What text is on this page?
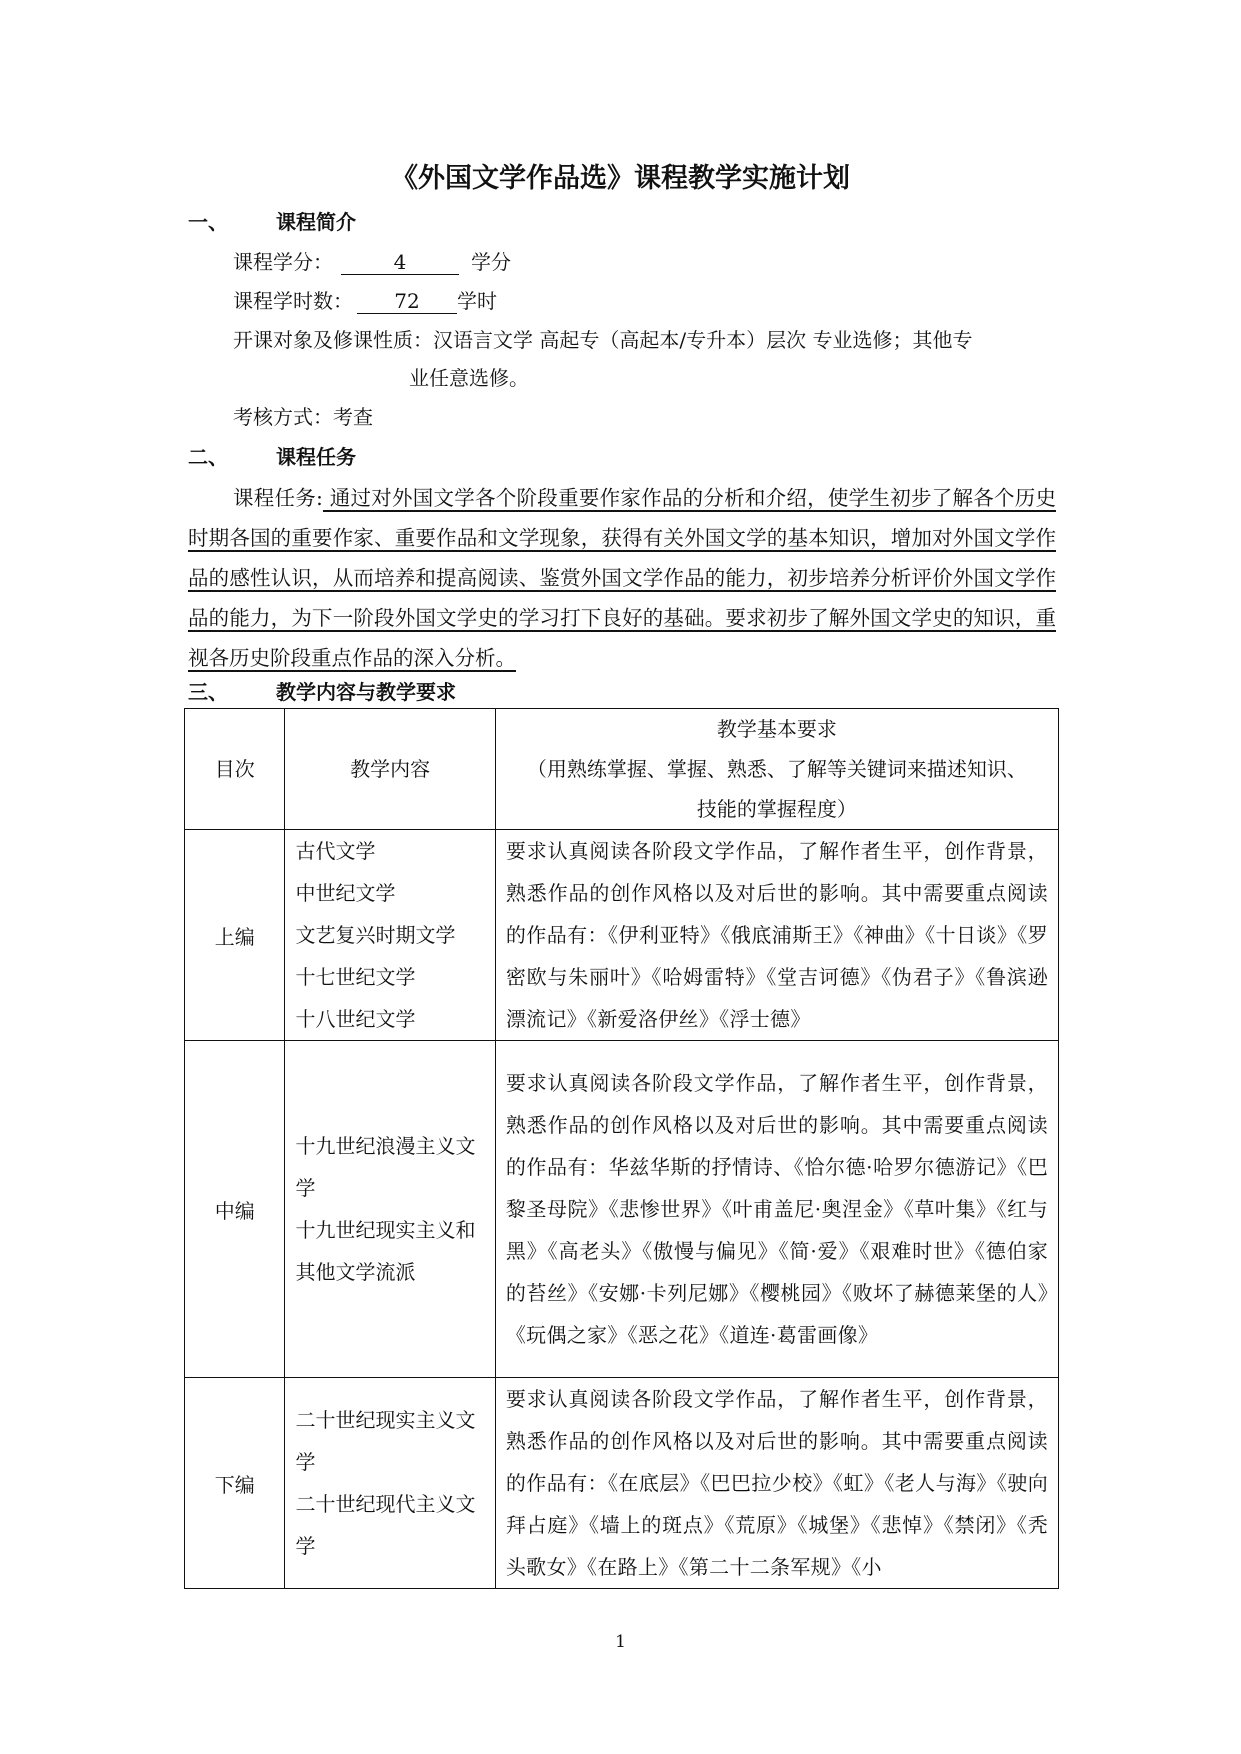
《外国文学作品选》课程教学实施计划
一、 课程简介
课程学分：	4	学分
课程学时数： 72 学时
开课对象及修课性质：汉语言文学 高起专（高起本/专升本）层次 专业选修；其他专
业任意选修。
考核方式：考查
二、 课程任务
课程任务: 通过对外国文学各个阶段重要作家作品的分析和介绍，使学生初步了解各个历史时期各国的重要作家、重要作品和文学现象，获得有关外国文学的基本知识，增加对外国文学作品的感性认识，从而培养和提高阅读、鉴赏外国文学作品的能力，初步培养分析评价外国文学作品的能力，为下一阶段外国文学史的学习打下良好的基础。要求初步了解外国文学史的知识，重视各历史阶段重点作品的深入分析。
三、 教学内容与教学要求
目次	教学内容	教学基本要求
（用熟练掌握、掌握、熟悉、了解等关键词来描述知识、
技能的掌握程度）

上编	古代文学
中世纪文学
文艺复兴时期文学
十七世纪文学
十八世纪文学	要求认真阅读各阶段文学作品，了解作者生平，创作背景，熟悉作品的创作风格以及对后世的影响。其中需要重点阅读的作品有：《伊利亚特》《俄底浦斯王》《神曲》《十日谈》《罗密欧与朱丽叶》《哈姆雷特》《堂吉诃德》《伪君子》《鲁滨逊漂流记》《新爱洛伊丝》《浮士德》
中编	十九世纪浪漫主义文学
十九世纪现实主义和其他文学流派	要求认真阅读各阶段文学作品，了解作者生平，创作背景，熟悉作品的创作风格以及对后世的影响。其中需要重点阅读的作品有：华兹华斯的抒情诗、《恰尔德·哈罗尔德游记》《巴黎圣母院》《悲惨世界》《叶甫盖尼·奥涅金》《草叶集》《红与黑》《高老头》《傲慢与偏见》《简·爱》《艰难时世》《德伯家的苔丝》《安娜·卡列尼娜》《樱桃园》《败坏了赫德莱堡的人》《玩偶之家》《恶之花》《道连·葛雷画像》
下编	二十世纪现实主义文学
二十世纪现代主义文学	要求认真阅读各阶段文学作品，了解作者生平，创作背景，熟悉作品的创作风格以及对后世的影响。其中需要重点阅读的作品有：《在底层》《巴巴拉少校》《虹》《老人与海》《驶向拜占庭》《墙上的斑点》《荒原》《城堡》《悲悼》《禁闭》《秃头歌女》《在路上》《第二十二条军规》《小
1
